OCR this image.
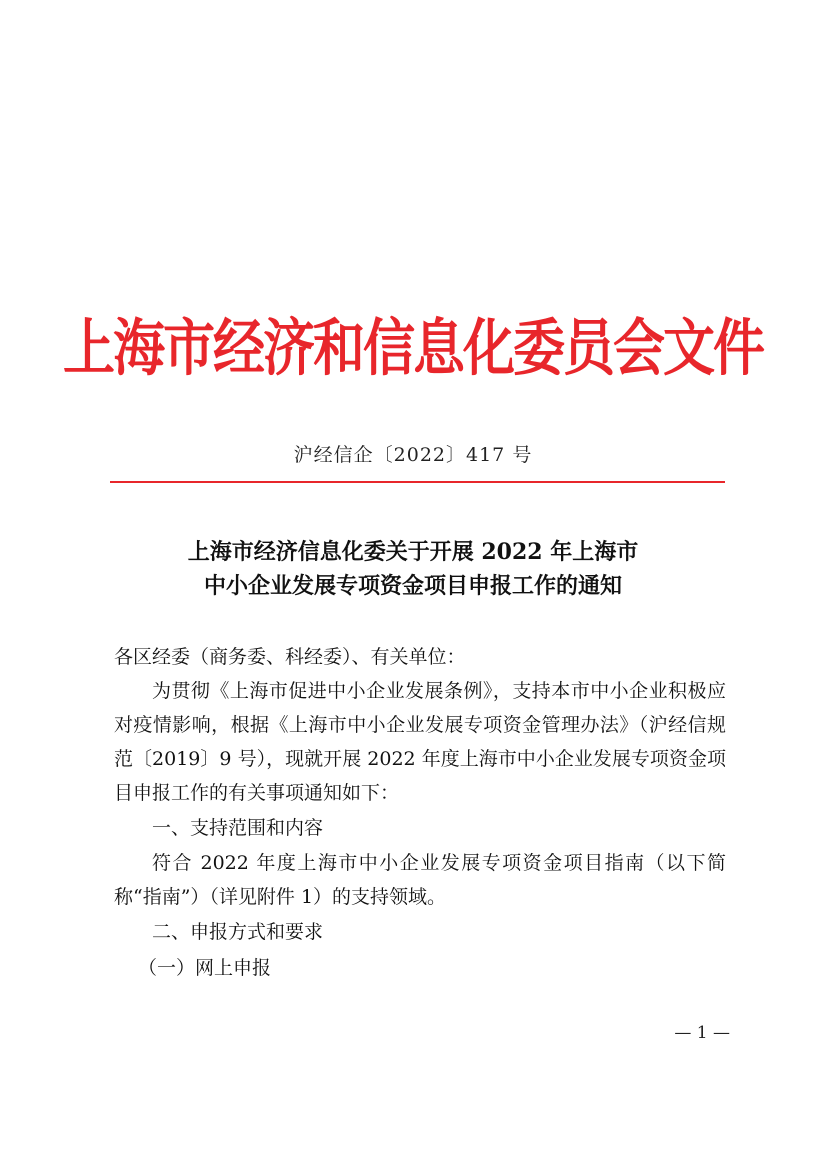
上海市经济和信息化委员会文件
沪经信企〔2022〕417 号
上海市经济信息化委关于开展 2022 年上海市
中小企业发展专项资金项目申报工作的通知

各区经委（商务委、科经委）、有关单位：

为贯彻《上海市促进中小企业发展条例》，支持本市中小企业积极应对疫情影响，根据《上海市中小企业发展专项资金管理办法》（沪经信规范〔2019〕9 号），现就开展 2022 年度上海市中小企业发展专项资金项目申报工作的有关事项通知如下：

一、支持范围和内容

符合 2022 年度上海市中小企业发展专项资金项目指南（以下简称“指南”）（详见附件 1）的支持领域。

二、申报方式和要求

（一）网上申报

— 1 —
